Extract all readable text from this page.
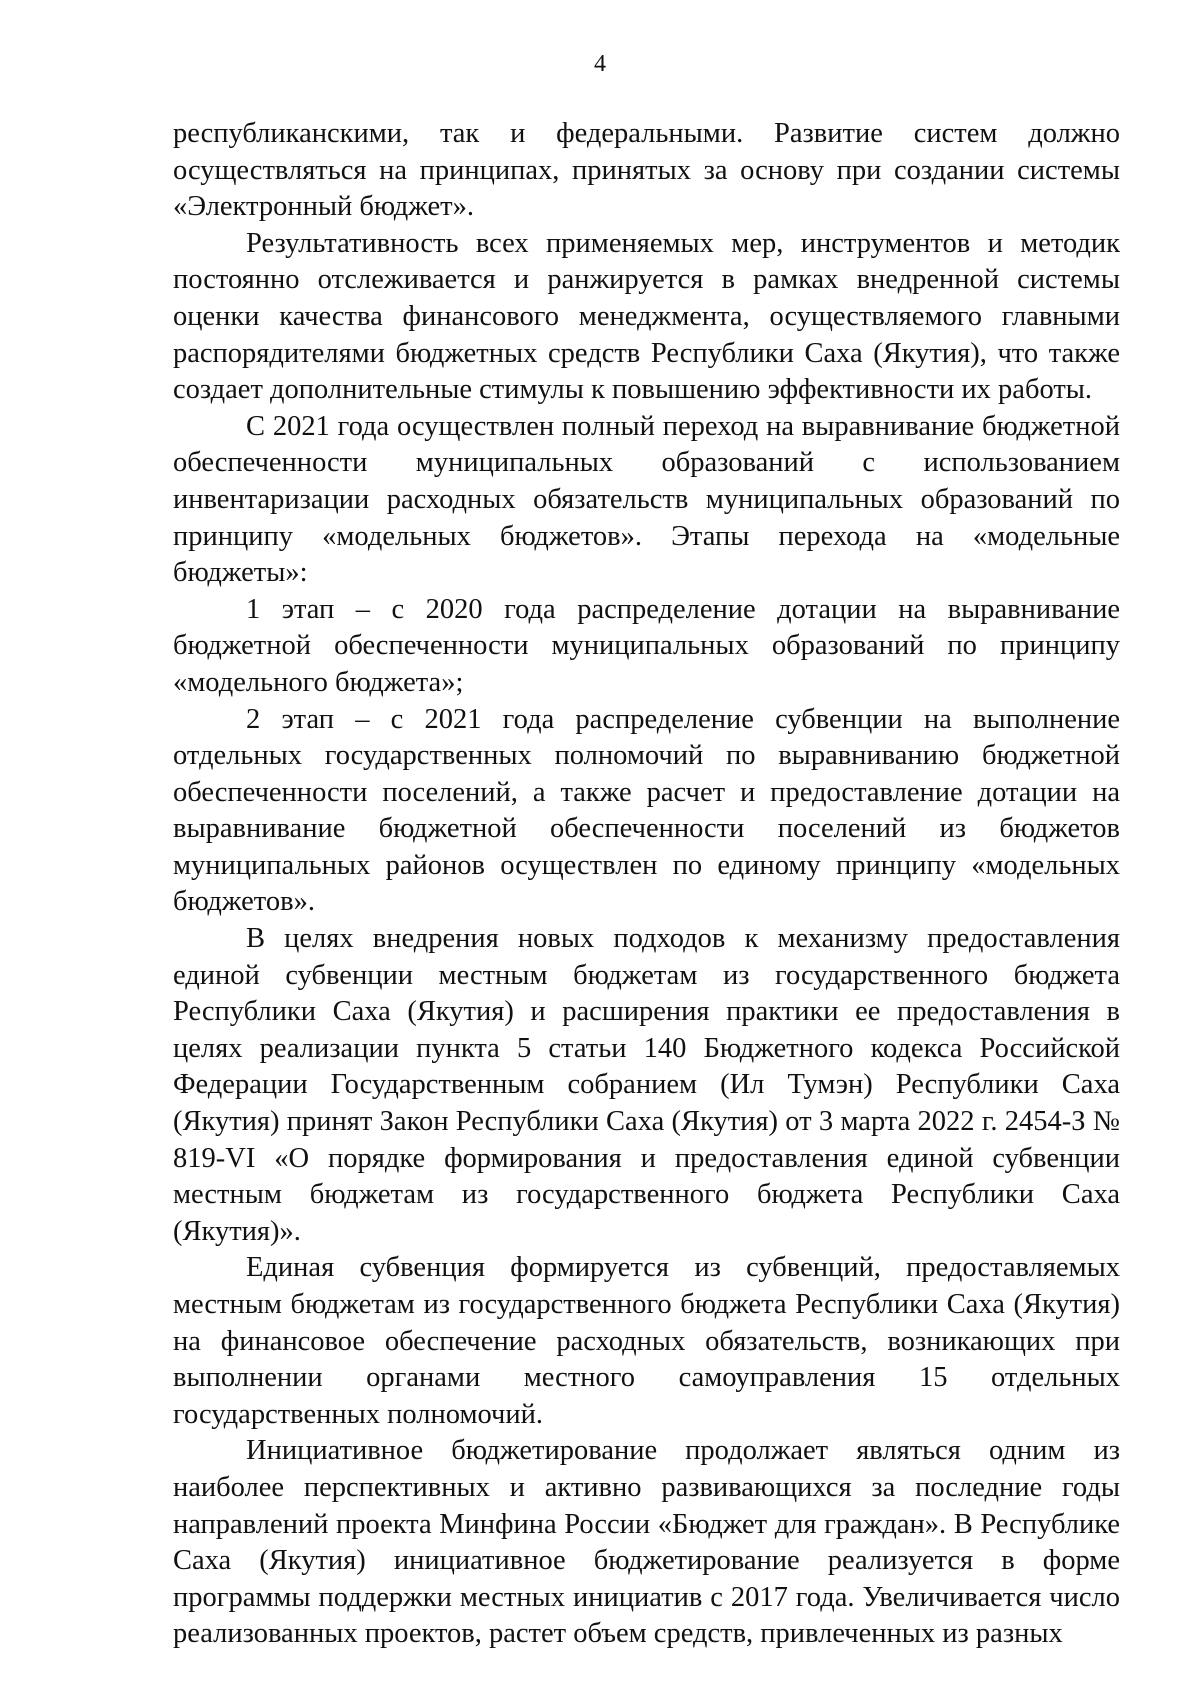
4

республиканскими, так и федеральными. Развитие систем должно осуществляться на принципах, принятых за основу при создании системы «Электронный бюджет».

Результативность всех применяемых мер, инструментов и методик постоянно отслеживается и ранжируется в рамках внедренной системы оценки качества финансового менеджмента, осуществляемого главными распорядителями бюджетных средств Республики Саха (Якутия), что также создает дополнительные стимулы к повышению эффективности их работы.

С 2021 года осуществлен полный переход на выравнивание бюджетной обеспеченности муниципальных образований с использованием инвентаризации расходных обязательств муниципальных образований по принципу «модельных бюджетов». Этапы перехода на «модельные бюджеты»:

1 этап – с 2020 года распределение дотации на выравнивание бюджетной обеспеченности муниципальных образований по принципу «модельного бюджета»;

2 этап – с 2021 года распределение субвенции на выполнение отдельных государственных полномочий по выравниванию бюджетной обеспеченности поселений, а также расчет и предоставление дотации на выравнивание бюджетной обеспеченности поселений из бюджетов муниципальных районов осуществлен по единому принципу «модельных бюджетов».

В целях внедрения новых подходов к механизму предоставления единой субвенции местным бюджетам из государственного бюджета Республики Саха (Якутия) и расширения практики ее предоставления в целях реализации пункта 5 статьи 140 Бюджетного кодекса Российской Федерации Государственным собранием (Ил Тумэн) Республики Саха (Якутия) принят Закон Республики Саха (Якутия) от 3 марта 2022 г. 2454-З № 819-VI «О порядке формирования и предоставления единой субвенции местным бюджетам из государственного бюджета Республики Саха (Якутия)».

Единая субвенция формируется из субвенций, предоставляемых местным бюджетам из государственного бюджета Республики Саха (Якутия) на финансовое обеспечение расходных обязательств, возникающих при выполнении органами местного самоуправления 15 отдельных государственных полномочий.

Инициативное бюджетирование продолжает являться одним из наиболее перспективных и активно развивающихся за последние годы направлений проекта Минфина России «Бюджет для граждан». В Республике Саха (Якутия) инициативное бюджетирование реализуется в форме программы поддержки местных инициатив с 2017 года. Увеличивается число реализованных проектов, растет объем средств, привлеченных из разных
